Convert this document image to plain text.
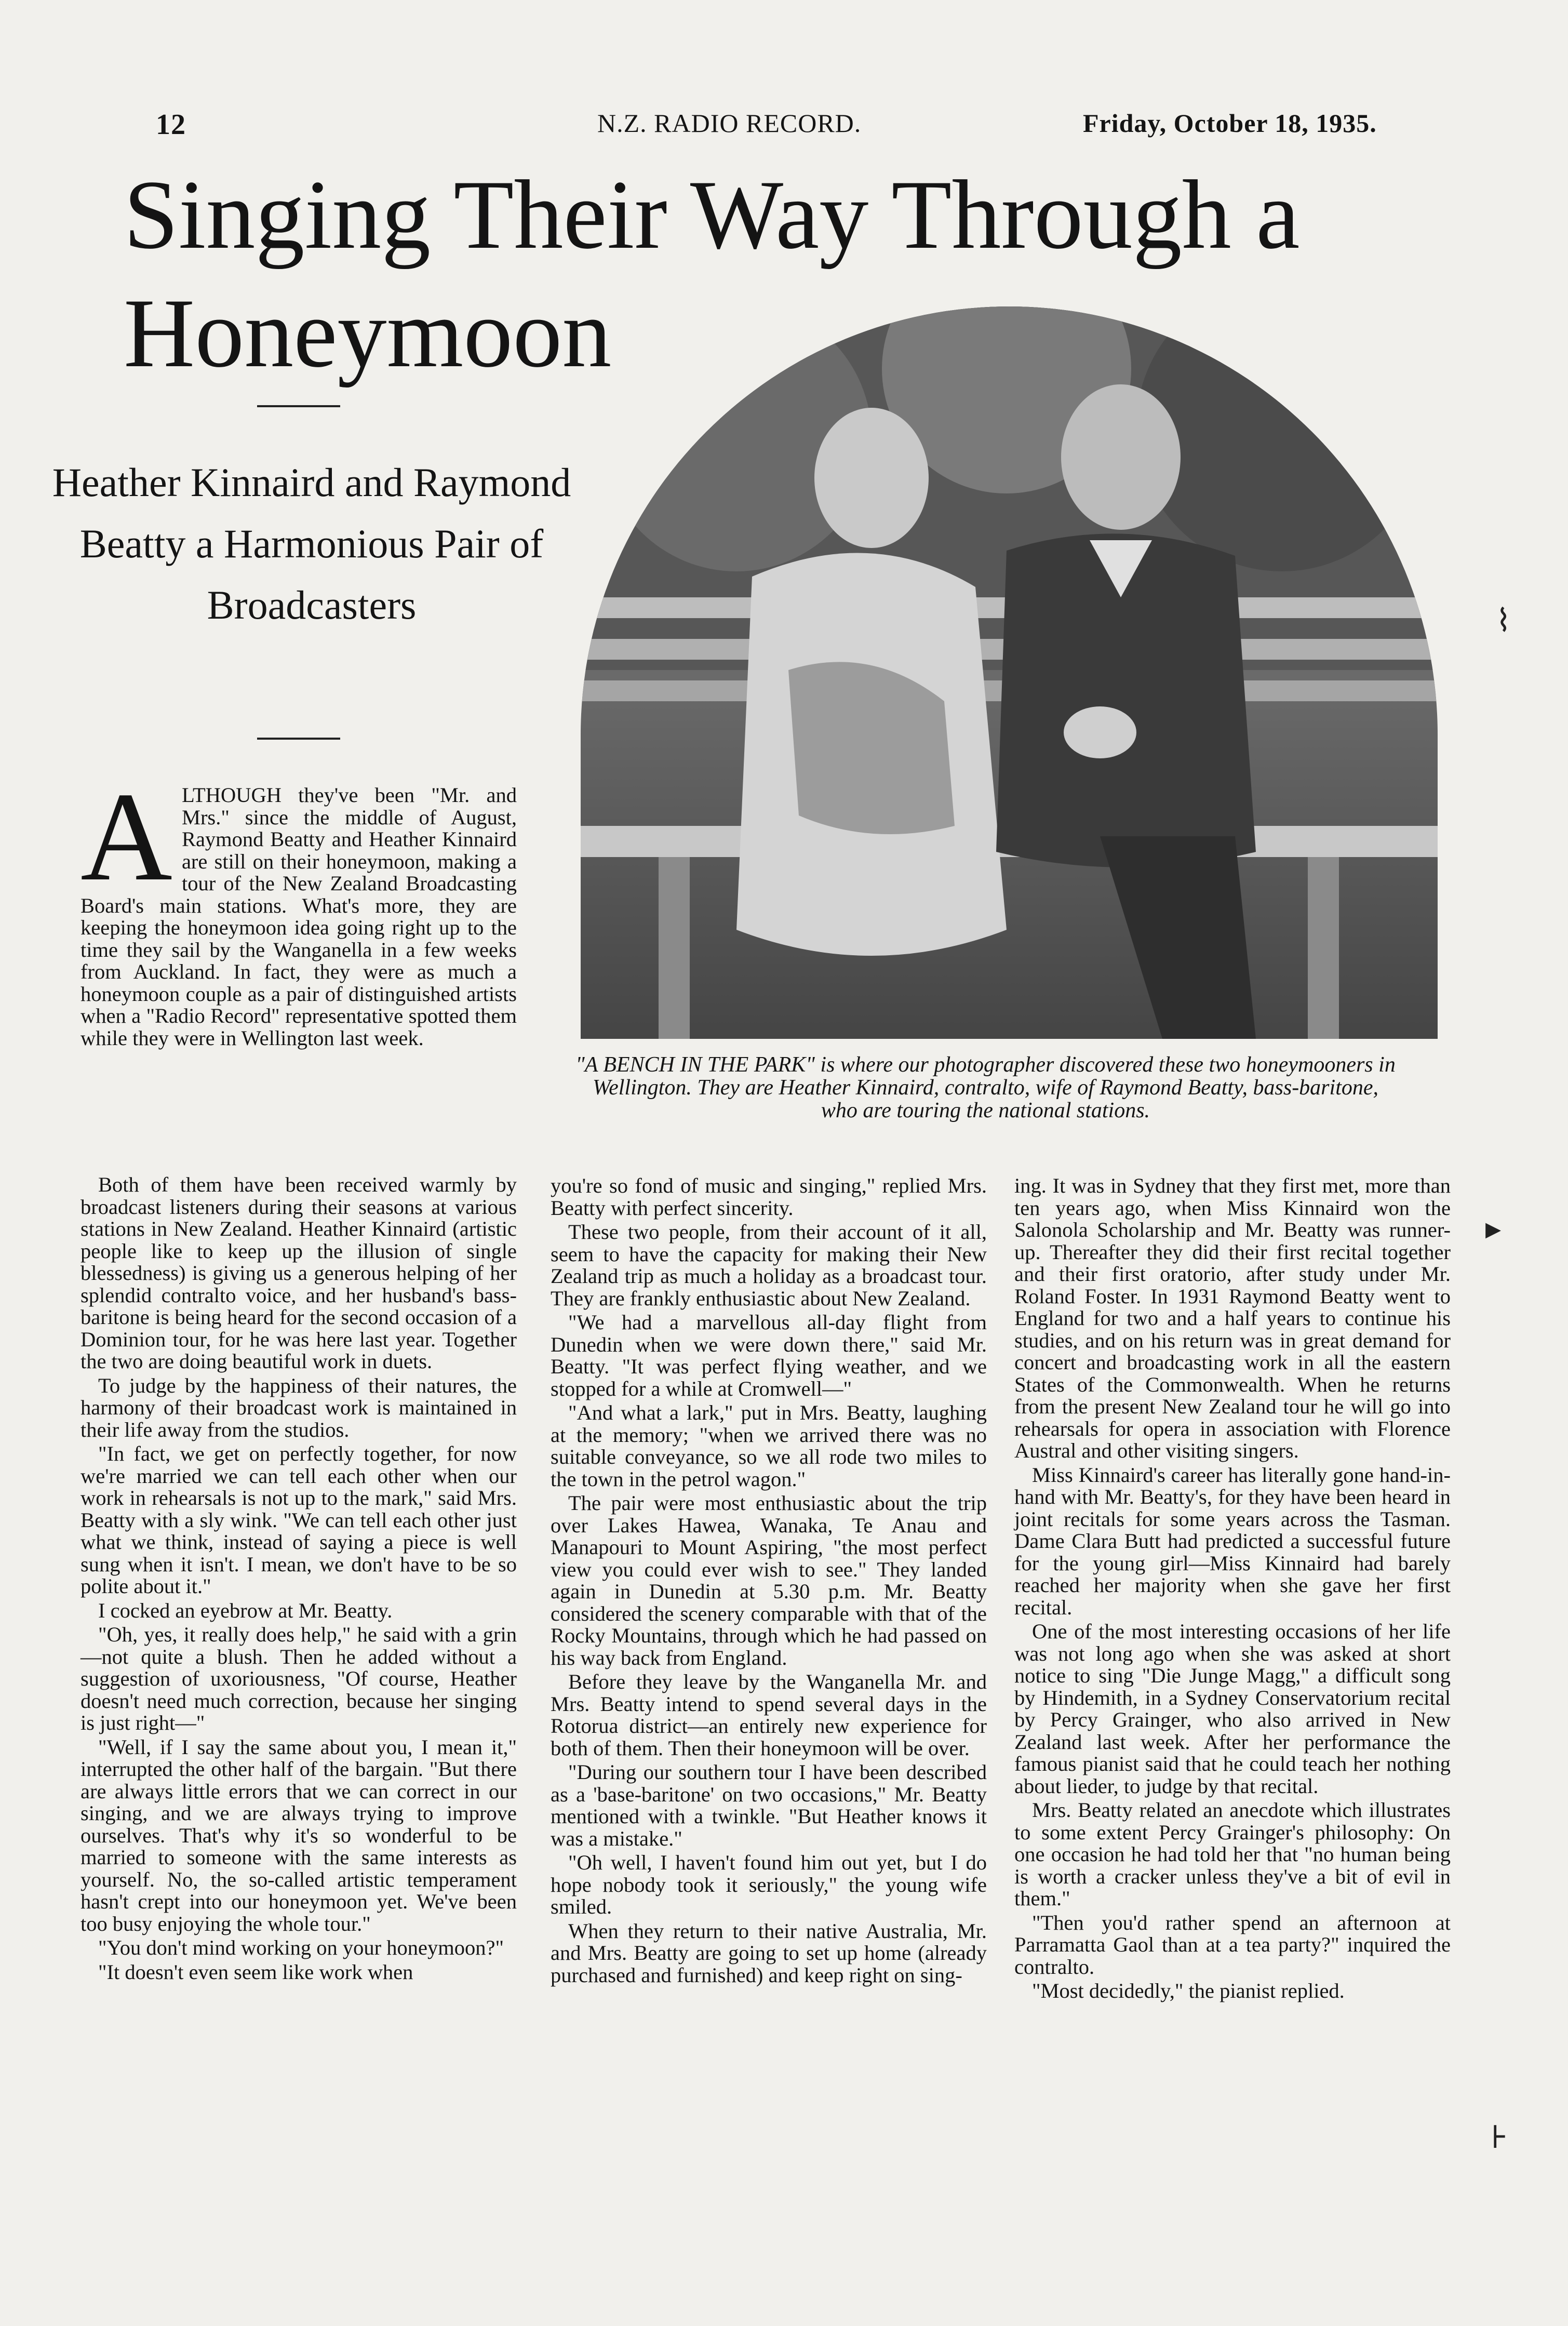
12	N.Z. RADIO RECORD.	Friday, October 18, 1935.
Singing Their Way Through a Honeymoon
Heather Kinnaird and Raymond Beatty a Harmonious Pair of Broadcasters
"A BENCH IN THE PARK" is where our photographer discovered these two honeymooners in Wellington. They are Heather Kinnaird, contralto, wife of Raymond Beatty, bass-baritone, who are touring the national stations.

ALTHOUGH they've been "Mr. and Mrs." since the middle of August, Raymond Beatty and Heather Kinnaird are still on their honeymoon, making a tour of the New Zealand Broadcasting Board's main stations. What's more, they are keeping the honeymoon idea going right up to the time they sail by the Wanganella in a few weeks from Auckland. In fact, they were as much a honeymoon couple as a pair of distinguished artists when a "Radio Record" representative spotted them while they were in Wellington last week.

Both of them have been received warmly by broadcast listeners during their seasons at various stations in New Zealand. Heather Kinnaird (artistic people like to keep up the illusion of single blessedness) is giving us a generous helping of her splendid contralto voice, and her husband's bass-baritone is being heard for the second occasion of a Dominion tour, for he was here last year. Together the two are doing beautiful work in duets.

To judge by the happiness of their natures, the harmony of their broadcast work is maintained in their life away from the studios.

"In fact, we get on perfectly together, for now we're married we can tell each other when our work in rehearsals is not up to the mark," said Mrs. Beatty with a sly wink. "We can tell each other just what we think, instead of saying a piece is well sung when it isn't. I mean, we don't have to be so polite about it."

I cocked an eyebrow at Mr. Beatty.

"Oh, yes, it really does help," he said with a grin—not quite a blush. Then he added without a suggestion of uxoriousness, "Of course, Heather doesn't need much correction, because her singing is just right—"

"Well, if I say the same about you, I mean it," interrupted the other half of the bargain. "But there are always little errors that we can correct in our singing, and we are always trying to improve ourselves. That's why it's so wonderful to be married to someone with the same interests as yourself. No, the so-called artistic temperament hasn't crept into our honeymoon yet. We've been too busy enjoying the whole tour."

"You don't mind working on your honeymoon?"

"It doesn't even seem like work when

you're so fond of music and singing," replied Mrs. Beatty with perfect sincerity.

These two people, from their account of it all, seem to have the capacity for making their New Zealand trip as much a holiday as a broadcast tour. They are frankly enthusiastic about New Zealand.

"We had a marvellous all-day flight from Dunedin when we were down there," said Mr. Beatty. "It was perfect flying weather, and we stopped for a while at Cromwell—"

"And what a lark," put in Mrs. Beatty, laughing at the memory; "when we arrived there was no suitable conveyance, so we all rode two miles to the town in the petrol wagon."

The pair were most enthusiastic about the trip over Lakes Hawea, Wanaka, Te Anau and Manapouri to Mount Aspiring, "the most perfect view you could ever wish to see." They landed again in Dunedin at 5.30 p.m. Mr. Beatty considered the scenery comparable with that of the Rocky Mountains, through which he had passed on his way back from England.

Before they leave by the Wanganella Mr. and Mrs. Beatty intend to spend several days in the Rotorua district—an entirely new experience for both of them. Then their honeymoon will be over.

"During our southern tour I have been described as a 'base-baritone' on two occasions," Mr. Beatty mentioned with a twinkle. "But Heather knows it was a mistake."

"Oh well, I haven't found him out yet, but I do hope nobody took it seriously," the young wife smiled.

When they return to their native Australia, Mr. and Mrs. Beatty are going to set up home (already purchased and furnished) and keep right on sing-

ing. It was in Sydney that they first met, more than ten years ago, when Miss Kinnaird won the Salonola Scholarship and Mr. Beatty was runner-up. Thereafter they did their first recital together and their first oratorio, after study under Mr. Roland Foster. In 1931 Raymond Beatty went to England for two and a half years to continue his studies, and on his return was in great demand for concert and broadcasting work in all the eastern States of the Commonwealth. When he returns from the present New Zealand tour he will go into rehearsals for opera in association with Florence Austral and other visiting singers.

Miss Kinnaird's career has literally gone hand-in-hand with Mr. Beatty's, for they have been heard in joint recitals for some years across the Tasman. Dame Clara Butt had predicted a successful future for the young girl—Miss Kinnaird had barely reached her majority when she gave her first recital.

One of the most interesting occasions of her life was not long ago when she was asked at short notice to sing "Die Junge Magg," a difficult song by Hindemith, in a Sydney Conservatorium recital by Percy Grainger, who also arrived in New Zealand last week. After her performance the famous pianist said that he could teach her nothing about lieder, to judge by that recital.

Mrs. Beatty related an anecdote which illustrates to some extent Percy Grainger's philosophy: On one occasion he had told her that "no human being is worth a cracker unless they've a bit of evil in them."

"Then you'd rather spend an afternoon at Parramatta Gaol than at a tea party?" inquired the contralto.

"Most decidedly," the pianist replied.

⌇
▸
⊦
